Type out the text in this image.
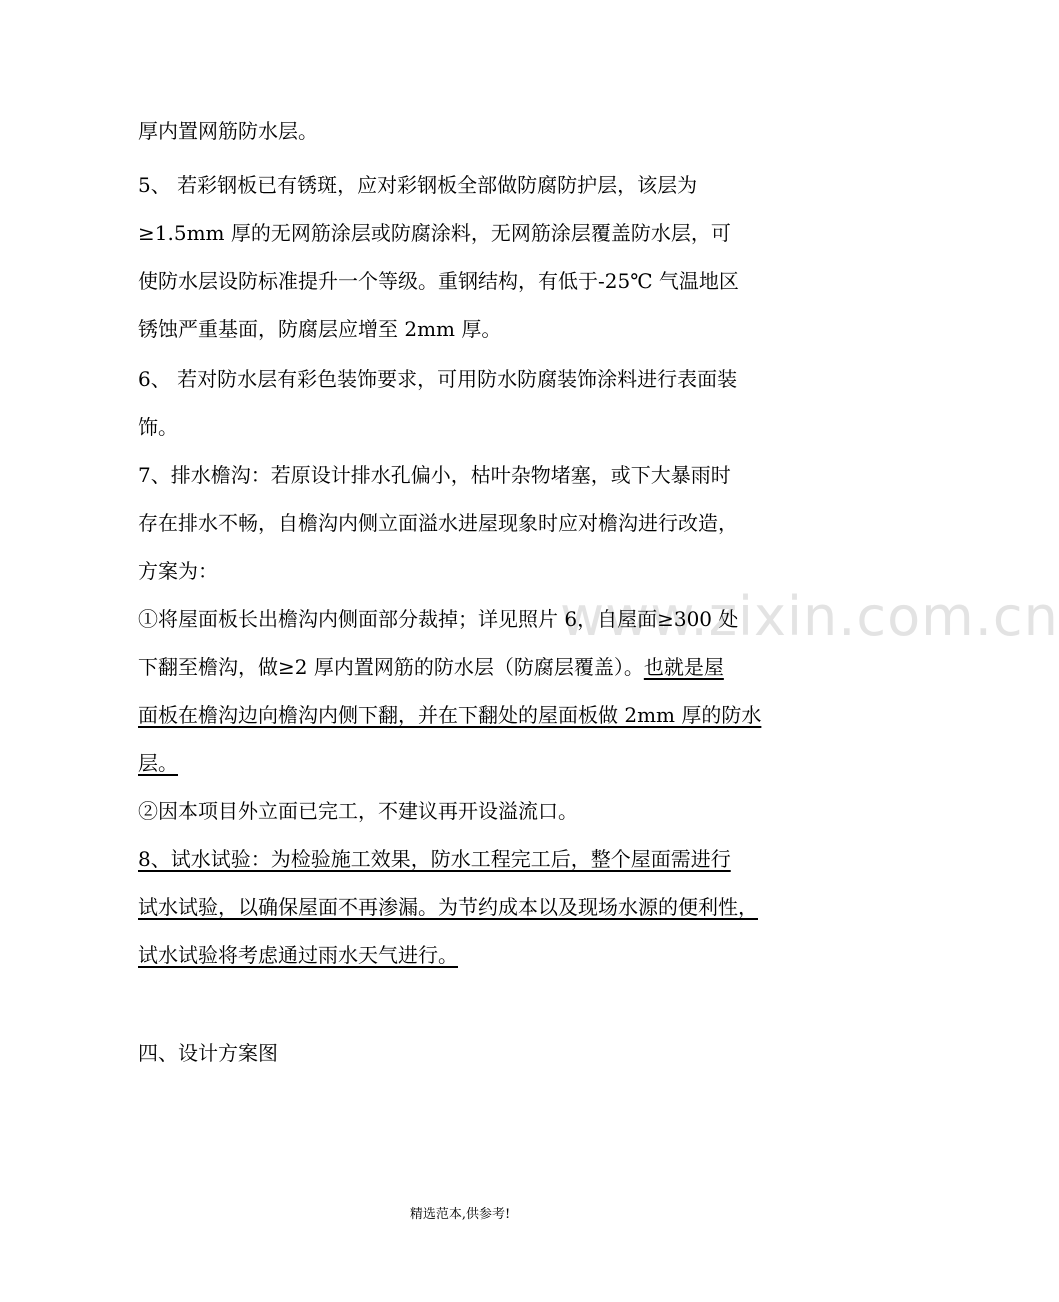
www.zixin.com.cn
厚内置网筋防水层。
5、 若彩钢板已有锈斑，应对彩钢板全部做防腐防护层，该层为
≥1.5mm 厚的无网筋涂层或防腐涂料，无网筋涂层覆盖防水层，可
使防水层设防标准提升一个等级。重钢结构，有低于-25℃ 气温地区
锈蚀严重基面，防腐层应增至 2mm 厚。
6、 若对防水层有彩色装饰要求，可用防水防腐装饰涂料进行表面装
饰。
7、排水檐沟：若原设计排水孔偏小，枯叶杂物堵塞，或下大暴雨时
存在排水不畅，自檐沟内侧立面溢水进屋现象时应对檐沟进行改造，
方案为：
①将屋面板长出檐沟内侧面部分裁掉；详见照片 6，自屋面≥300 处
下翻至檐沟，做≥2 厚内置网筋的防水层（防腐层覆盖）。也就是屋
面板在檐沟边向檐沟内侧下翻，并在下翻处的屋面板做 2mm 厚的防水
层。
②因本项目外立面已完工，不建议再开设溢流口。
8、试水试验：为检验施工效果，防水工程完工后，整个屋面需进行
试水试验，以确保屋面不再渗漏。为节约成本以及现场水源的便利性，
试水试验将考虑通过雨水天气进行。
四、设计方案图
精选范本,供参考!
